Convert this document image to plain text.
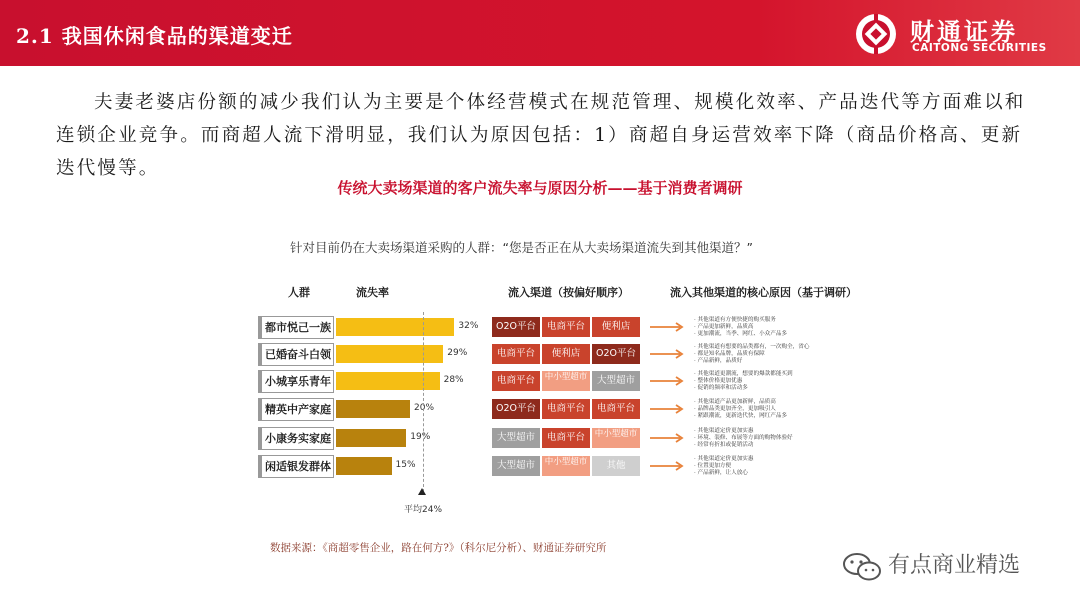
2.1 我国休闲食品的渠道变迁	财通证券
CAITONG SECURITIES
夫妻老婆店份额的减少我们认为主要是个体经营模式在规范管理、规模化效率、产品迭代等方面难以和连锁企业竞争。而商超人流下滑明显，我们认为原因包括：1）商超自身运营效率下降（商品价格高、更新迭代慢等。
传统大卖场渠道的客户流失率与原因分析——基于消费者调研
针对目前仍在大卖场渠道采购的人群：“您是否正在从大卖场渠道流失到其他渠道？”
人群	流失率	流入渠道（按偏好顺序）	流入其他渠道的核心原因（基于调研）
都市悦己一族	32%	O2O平台	电商平台	便利店
· 其他渠道有方便快捷的购买服务
· 产品更加新鲜，品质高
· 更加潮流，当季、网红、小众产品多
已婚奋斗白领	29%	电商平台	便利店	O2O平台
· 其他渠道有想要的品类都有，一次购全，省心
· 都是知名品牌，品质有保障
· 产品新鲜，品质好
小城享乐青年	28%	电商平台	中小型超市	大型超市
· 其他渠道更潮流，想要的爆款都能买到
· 整体价格更加优惠
· 促销的频率和活动多
精英中产家庭	20%	O2O平台	电商平台	电商平台
· 其他渠道产品更加新鲜，品质高
· 品牌品类更加齐全，更加吸引人
· 紧跟潮流，更新迭代快，网红产品多
小康务实家庭	19%	大型超市	电商平台	中小型超市	· 其他渠道定价更加实惠
· 环境、装修、布展等方面的购物体验好
· 经常有折扣或促销活动
闲适银发群体	15%	大型超市	中小型超市	其他
· 其他渠道定价更加实惠
· 位置更加方便
· 产品新鲜，让人放心
平均24%
数据来源：《商超零售企业，路在何方?》（科尔尼分析）、财通证券研究所
有点商业精选
